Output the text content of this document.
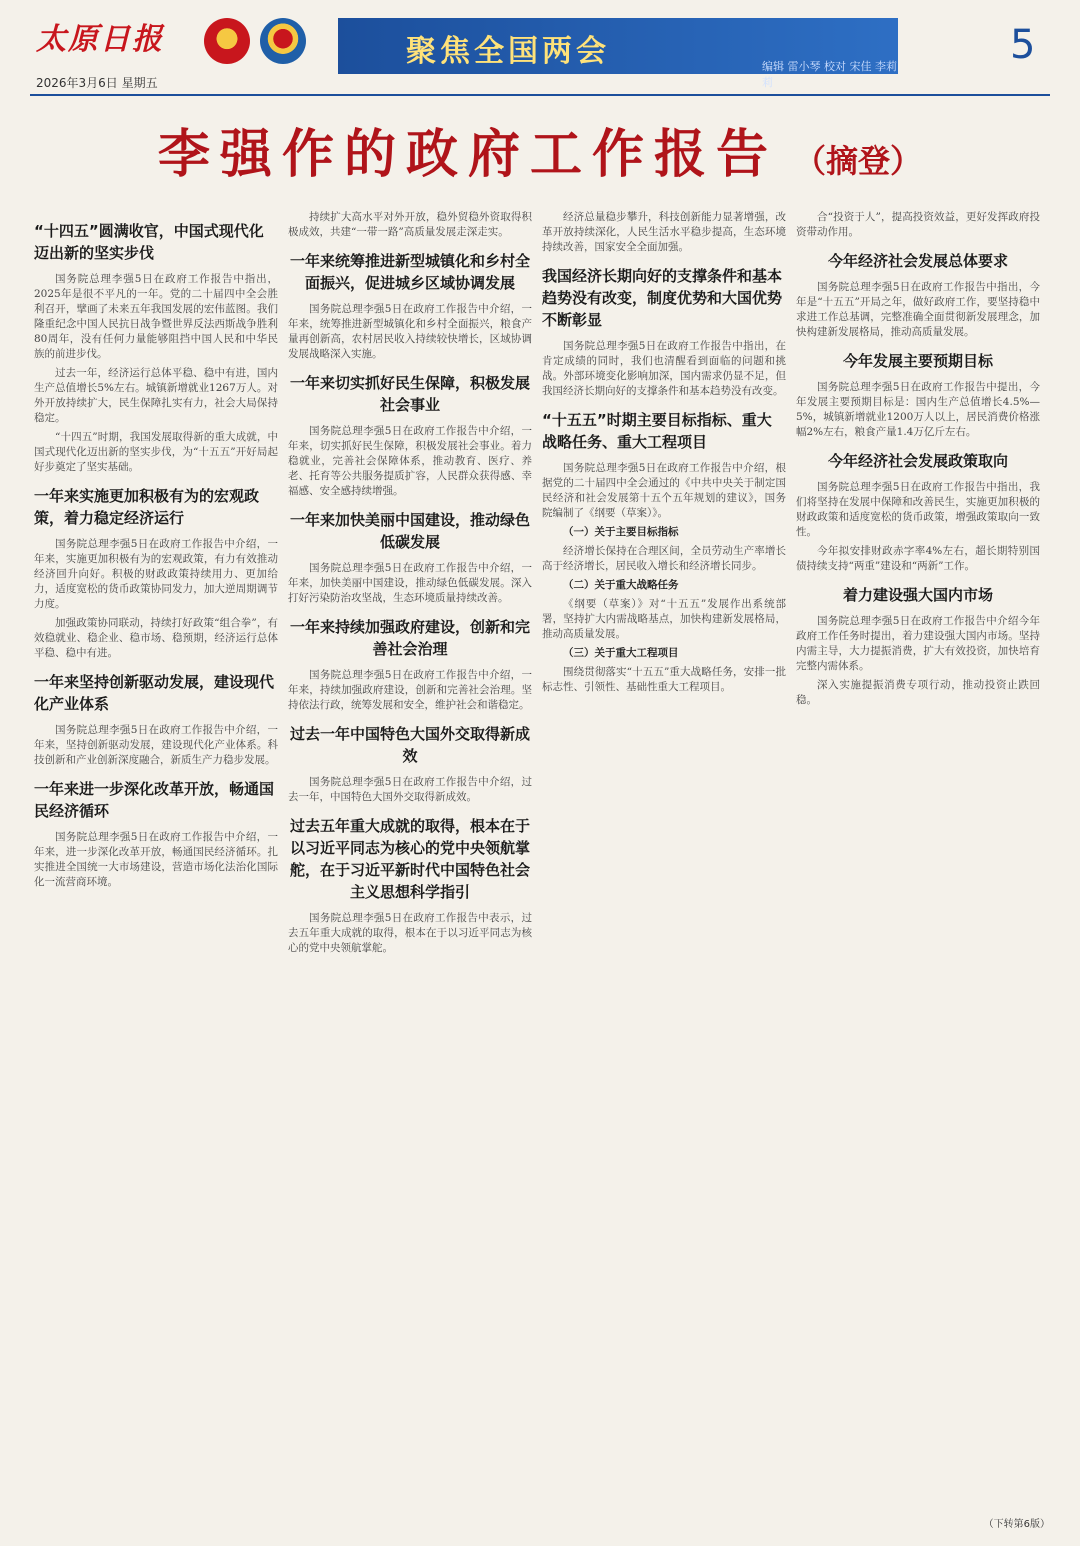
太原日报
2026年3月6日 星期五
聚焦全国两会	编辑 雷小琴 校对 宋佳 李莉莉
5
李强作的政府工作报告 （摘登）
“十四五”圆满收官，中国式现代化迈出新的坚实步伐

国务院总理李强5日在政府工作报告中指出，2025年是很不平凡的一年。党的二十届四中全会胜利召开，擘画了未来五年我国发展的宏伟蓝图。我们隆重纪念中国人民抗日战争暨世界反法西斯战争胜利80周年，没有任何力量能够阻挡中国人民和中华民族的前进步伐。

过去一年，经济运行总体平稳、稳中有进，国内生产总值增长5%左右。城镇新增就业1267万人。对外开放持续扩大，民生保障扎实有力，社会大局保持稳定。

“十四五”时期，我国发展取得新的重大成就，中国式现代化迈出新的坚实步伐，为“十五五”开好局起好步奠定了坚实基础。

一年来实施更加积极有为的宏观政策，着力稳定经济运行

国务院总理李强5日在政府工作报告中介绍，一年来，实施更加积极有为的宏观政策，有力有效推动经济回升向好。积极的财政政策持续用力、更加给力，适度宽松的货币政策协同发力，加大逆周期调节力度。

加强政策协同联动，持续打好政策“组合拳”，有效稳就业、稳企业、稳市场、稳预期，经济运行总体平稳、稳中有进。

一年来坚持创新驱动发展，建设现代化产业体系

国务院总理李强5日在政府工作报告中介绍，一年来，坚持创新驱动发展，建设现代化产业体系。科技创新和产业创新深度融合，新质生产力稳步发展。

一年来进一步深化改革开放，畅通国民经济循环

国务院总理李强5日在政府工作报告中介绍，一年来，进一步深化改革开放，畅通国民经济循环。扎实推进全国统一大市场建设，营造市场化法治化国际化一流营商环境。

持续扩大高水平对外开放，稳外贸稳外资取得积极成效，共建“一带一路”高质量发展走深走实。

一年来统筹推进新型城镇化和乡村全面振兴，促进城乡区域协调发展

国务院总理李强5日在政府工作报告中介绍，一年来，统筹推进新型城镇化和乡村全面振兴，粮食产量再创新高，农村居民收入持续较快增长，区域协调发展战略深入实施。

一年来切实抓好民生保障，积极发展社会事业

国务院总理李强5日在政府工作报告中介绍，一年来，切实抓好民生保障，积极发展社会事业。着力稳就业，完善社会保障体系，推动教育、医疗、养老、托育等公共服务提质扩容，人民群众获得感、幸福感、安全感持续增强。

一年来加快美丽中国建设，推动绿色低碳发展

国务院总理李强5日在政府工作报告中介绍，一年来，加快美丽中国建设，推动绿色低碳发展。深入打好污染防治攻坚战，生态环境质量持续改善。

一年来持续加强政府建设，创新和完善社会治理

国务院总理李强5日在政府工作报告中介绍，一年来，持续加强政府建设，创新和完善社会治理。坚持依法行政，统筹发展和安全，维护社会和谐稳定。

过去一年中国特色大国外交取得新成效

国务院总理李强5日在政府工作报告中介绍，过去一年，中国特色大国外交取得新成效。

过去五年重大成就的取得，根本在于以习近平同志为核心的党中央领航掌舵，在于习近平新时代中国特色社会主义思想科学指引

国务院总理李强5日在政府工作报告中表示，过去五年重大成就的取得，根本在于以习近平同志为核心的党中央领航掌舵。

经济总量稳步攀升，科技创新能力显著增强，改革开放持续深化，人民生活水平稳步提高，生态环境持续改善，国家安全全面加强。

我国经济长期向好的支撑条件和基本趋势没有改变，制度优势和大国优势不断彰显

国务院总理李强5日在政府工作报告中指出，在肯定成绩的同时，我们也清醒看到面临的问题和挑战。外部环境变化影响加深，国内需求仍显不足，但我国经济长期向好的支撑条件和基本趋势没有改变。

“十五五”时期主要目标指标、重大战略任务、重大工程项目

国务院总理李强5日在政府工作报告中介绍，根据党的二十届四中全会通过的《中共中央关于制定国民经济和社会发展第十五个五年规划的建议》，国务院编制了《纲要（草案）》。

（一）关于主要目标指标

经济增长保持在合理区间，全员劳动生产率增长高于经济增长，居民收入增长和经济增长同步。

（二）关于重大战略任务

《纲要（草案）》对“十五五”发展作出系统部署，坚持扩大内需战略基点，加快构建新发展格局，推动高质量发展。

（三）关于重大工程项目

围绕贯彻落实“十五五”重大战略任务，安排一批标志性、引领性、基础性重大工程项目。

合“投资于人”，提高投资效益，更好发挥政府投资带动作用。

今年经济社会发展总体要求

国务院总理李强5日在政府工作报告中指出，今年是“十五五”开局之年，做好政府工作，要坚持稳中求进工作总基调，完整准确全面贯彻新发展理念，加快构建新发展格局，推动高质量发展。

今年发展主要预期目标

国务院总理李强5日在政府工作报告中提出，今年发展主要预期目标是：国内生产总值增长4.5%—5%，城镇新增就业1200万人以上，居民消费价格涨幅2%左右，粮食产量1.4万亿斤左右。

今年经济社会发展政策取向

国务院总理李强5日在政府工作报告中指出，我们将坚持在发展中保障和改善民生，实施更加积极的财政政策和适度宽松的货币政策，增强政策取向一致性。

今年拟安排财政赤字率4%左右，超长期特别国债持续支持“两重”建设和“两新”工作。

着力建设强大国内市场

国务院总理李强5日在政府工作报告中介绍今年政府工作任务时提出，着力建设强大国内市场。坚持内需主导，大力提振消费，扩大有效投资，加快培育完整内需体系。

深入实施提振消费专项行动，推动投资止跌回稳。

（下转第6版）
